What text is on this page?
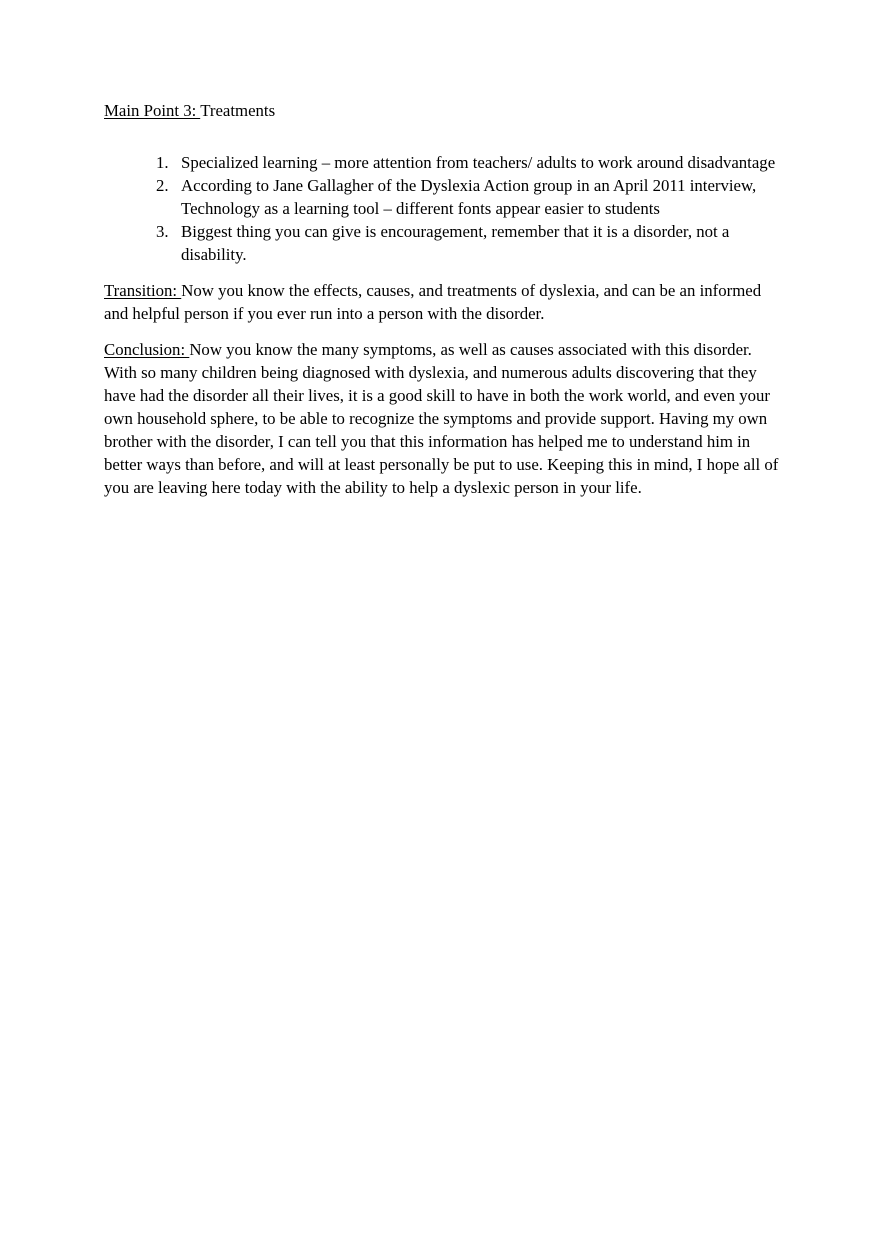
Main Point 3: Treatments

1. Specialized learning – more attention from teachers/ adults to work around disadvantage
2. According to Jane Gallagher of the Dyslexia Action group in an April 2011 interview, Technology as a learning tool – different fonts appear easier to students
3. Biggest thing you can give is encouragement, remember that it is a disorder, not a disability.

Transition: Now you know the effects, causes, and treatments of dyslexia, and can be an informed and helpful person if you ever run into a person with the disorder.

Conclusion: Now you know the many symptoms, as well as causes associated with this disorder. With so many children being diagnosed with dyslexia, and numerous adults discovering that they have had the disorder all their lives, it is a good skill to have in both the work world, and even your own household sphere, to be able to recognize the symptoms and provide support. Having my own brother with the disorder, I can tell you that this information has helped me to understand him in better ways than before, and will at least personally be put to use. Keeping this in mind, I hope all of you are leaving here today with the ability to help a dyslexic person in your life.
